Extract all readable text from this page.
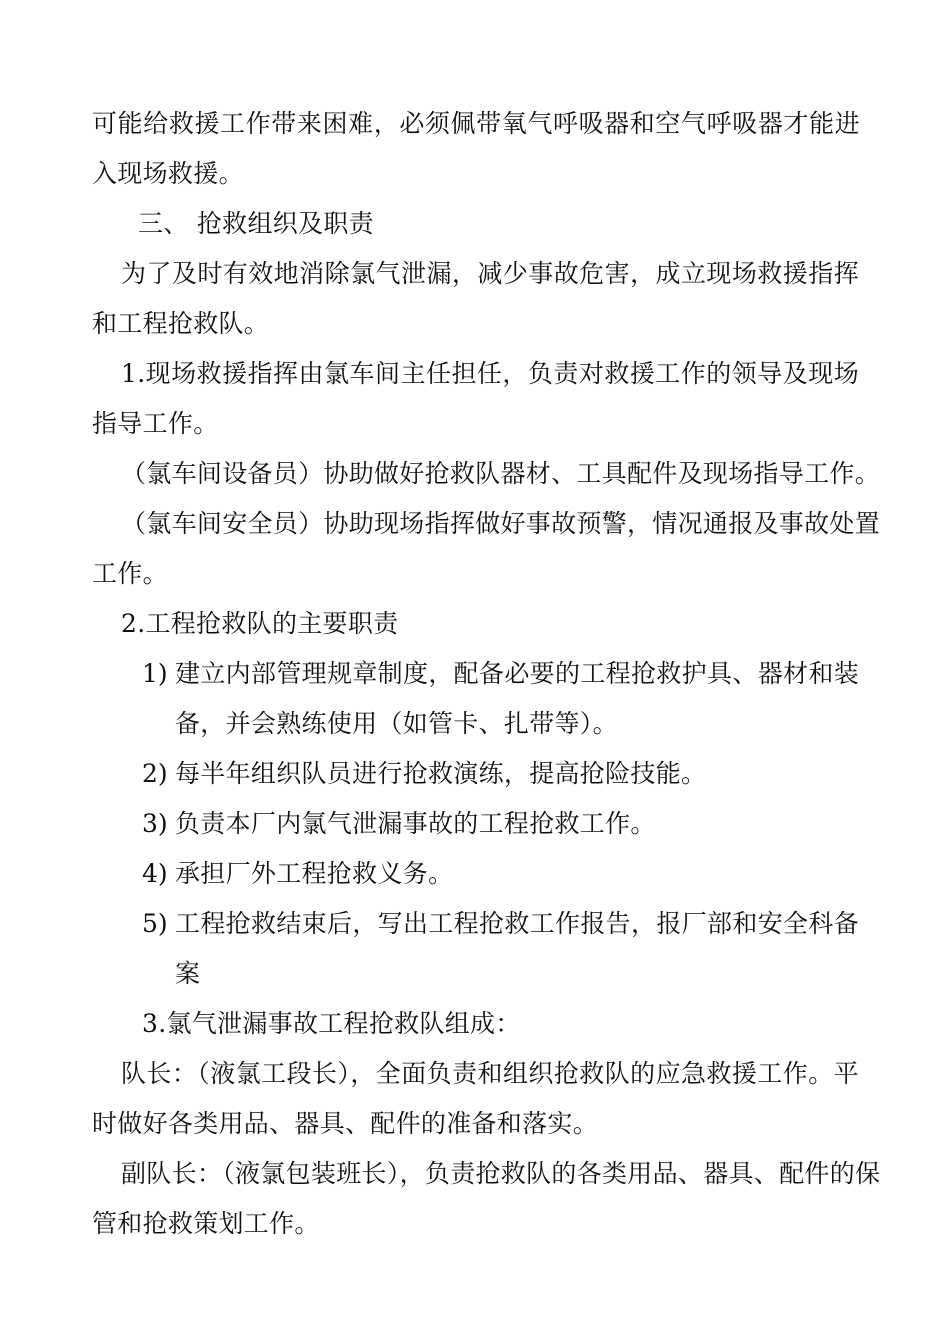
可能给救援工作带来困难，必须佩带氧气呼吸器和空气呼吸器才能进
入现场救援。
三、 抢救组织及职责
为了及时有效地消除氯气泄漏，减少事故危害，成立现场救援指挥
和工程抢救队。
1.现场救援指挥由氯车间主任担任，负责对救援工作的领导及现场
指导工作。
（氯车间设备员）协助做好抢救队器材、工具配件及现场指导工作。
（氯车间安全员）协助现场指挥做好事故预警，情况通报及事故处置
工作。
2.工程抢救队的主要职责
1) 建立内部管理规章制度，配备必要的工程抢救护具、器材和装
备，并会熟练使用（如管卡、扎带等）。
2) 每半年组织队员进行抢救演练，提高抢险技能。
3) 负责本厂内氯气泄漏事故的工程抢救工作。
4) 承担厂外工程抢救义务。
5) 工程抢救结束后，写出工程抢救工作报告，报厂部和安全科备
案
3.氯气泄漏事故工程抢救队组成：
队长：（液氯工段长），全面负责和组织抢救队的应急救援工作。平
时做好各类用品、器具、配件的准备和落实。
副队长：（液氯包装班长），负责抢救队的各类用品、器具、配件的保
管和抢救策划工作。
